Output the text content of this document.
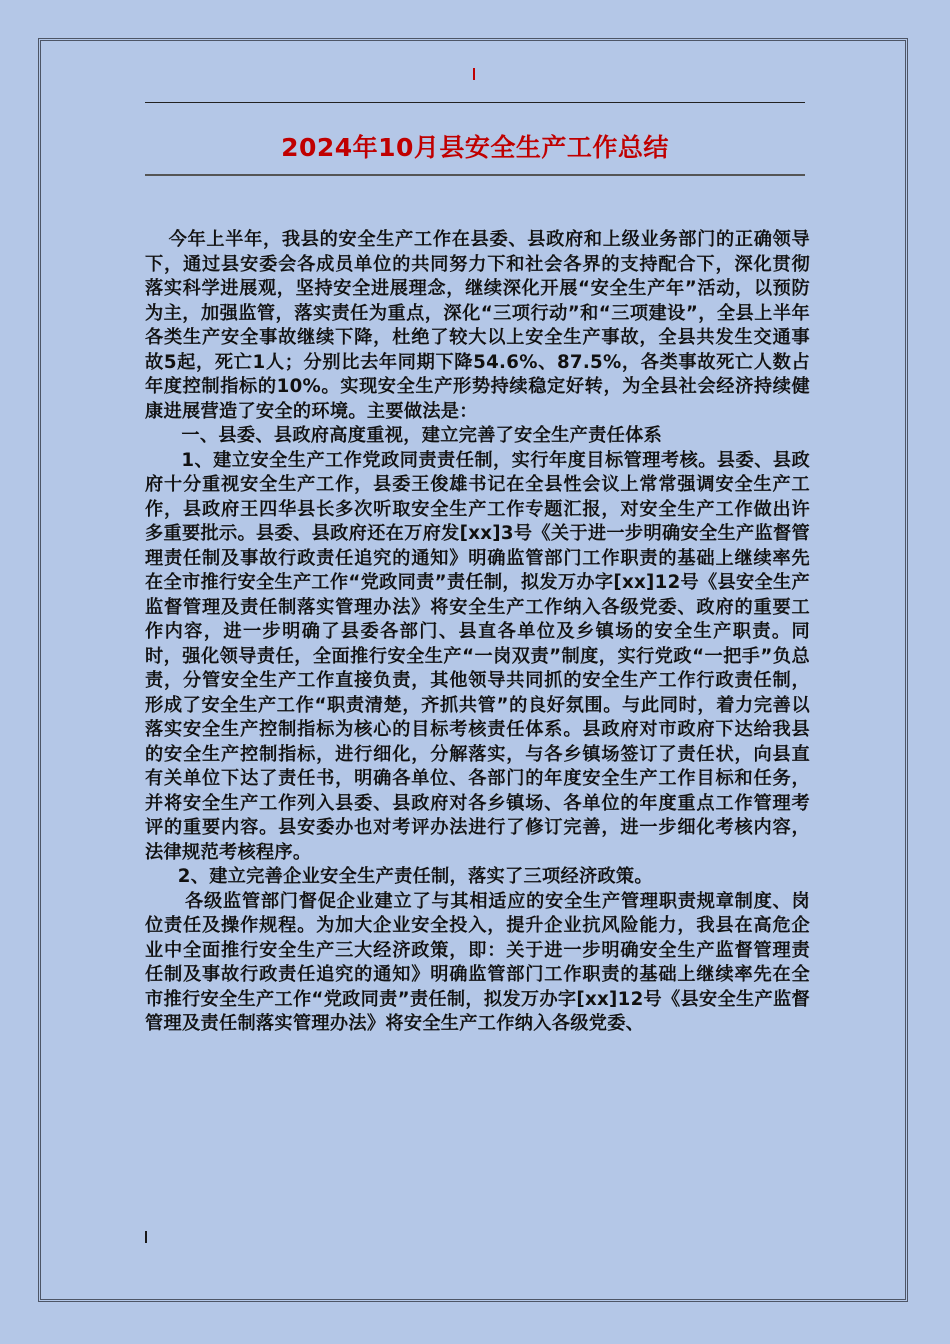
2024年10月县安全生产工作总结

今年上半年，我县的安全生产工作在县委、县政府和上级业务部门的正确领导下，通过县安委会各成员单位的共同努力下和社会各界的支持配合下，深化贯彻落实科学进展观，坚持安全进展理念，继续深化开展“安全生产年”活动，以预防为主，加强监管，落实责任为重点，深化“三项行动”和“三项建设”，全县上半年各类生产安全事故继续下降，杜绝了较大以上安全生产事故，全县共发生交通事故5起，死亡1人；分别比去年同期下降54.6%、87.5%，各类事故死亡人数占年度控制指标的10%。实现安全生产形势持续稳定好转，为全县社会经济持续健康进展营造了安全的环境。主要做法是：

一、县委、县政府高度重视，建立完善了安全生产责任体系

1、建立安全生产工作党政同责责任制，实行年度目标管理考核。县委、县政府十分重视安全生产工作，县委王俊雄书记在全县性会议上常常强调安全生产工作，县政府王四华县长多次听取安全生产工作专题汇报，对安全生产工作做出许多重要批示。县委、县政府还在万府发[xx]3号《关于进一步明确安全生产监督管理责任制及事故行政责任追究的通知》明确监管部门工作职责的基础上继续率先在全市推行安全生产工作“党政同责”责任制，拟发万办字[xx]12号《县安全生产监督管理及责任制落实管理办法》将安全生产工作纳入各级党委、政府的重要工作内容，进一步明确了县委各部门、县直各单位及乡镇场的安全生产职责。同时，强化领导责任，全面推行安全生产“一岗双责”制度，实行党政“一把手”负总责，分管安全生产工作直接负责，其他领导共同抓的安全生产工作行政责任制，形成了安全生产工作“职责清楚，齐抓共管”的良好氛围。与此同时，着力完善以落实安全生产控制指标为核心的目标考核责任体系。县政府对市政府下达给我县的安全生产控制指标，进行细化，分解落实，与各乡镇场签订了责任状，向县直有关单位下达了责任书，明确各单位、各部门的年度安全生产工作目标和任务，并将安全生产工作列入县委、县政府对各乡镇场、各单位的年度重点工作管理考评的重要内容。县安委办也对考评办法进行了修订完善，进一步细化考核内容，法律规范考核程序。

2、建立完善企业安全生产责任制，落实了三项经济政策。

各级监管部门督促企业建立了与其相适应的安全生产管理职责规章制度、岗位责任及操作规程。为加大企业安全投入，提升企业抗风险能力，我县在高危企业中全面推行安全生产三大经济政策，即：关于进一步明确安全生产监督管理责任制及事故行政责任追究的通知》明确监管部门工作职责的基础上继续率先在全市推行安全生产工作“党政同责”责任制，拟发万办字[xx]12号《县安全生产监督管理及责任制落实管理办法》将安全生产工作纳入各级党委、
